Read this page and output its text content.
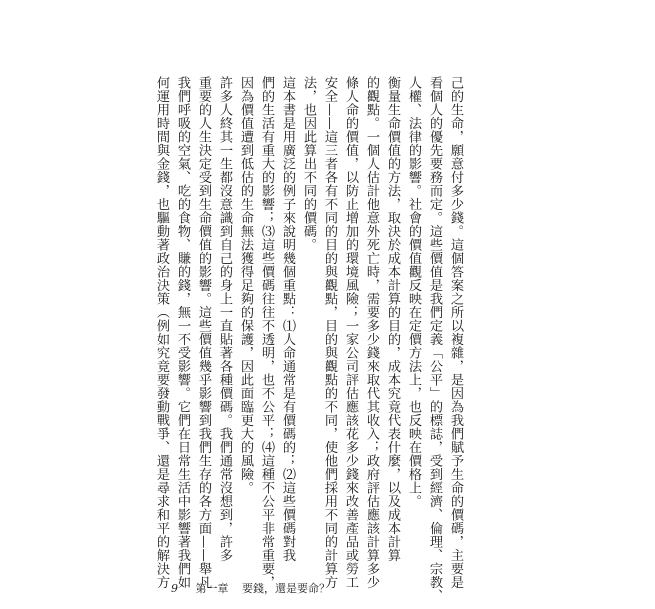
己的生命，願意付多少錢。這個答案之所以複雜，是因為我們賦予生命的價碼，主要是
看個人的優先要務而定。這些價值是我們定義「公平」的標誌，受到經濟、倫理、宗教、
人權、法律的影響。社會的價值觀反映在定價方法上，也反映在價格上。
衡量生命價值的方法，取決於成本計算的目的，成本究竟代表什麼，以及成本計算
的觀點。一個人估計他意外死亡時，需要多少錢來取代其收入；政府評估應該計算多少
條人命的價值，以防止增加的環境風險；一家公司評估應該花多少錢來改善產品或勞工
安全——這三者各有不同的目的與觀點，目的與觀點的不同，使他們採用不同的計算方
法，也因此算出不同的價碼。
這本書是用廣泛的例子來說明幾個重點：⑴人命通常是有價碼的；⑵這些價碼對我
們的生活有重大的影響；⑶這些價碼往往不透明，也不公平；⑷這種不公平非常重要，
因為價值遭到低估的生命無法獲得足夠的保護，因此面臨更大的風險。
許多人終其一生都沒意識到自己的身上一直貼著各種價碼。我們通常沒想到，許多
重要的人生決定受到生命價值的影響。這些價值幾乎影響到我們生存的各方面——舉凡
我們呼吸的空氣、吃的食物、賺的錢，無一不受影響。它們在日常生活中影響著我們如
何運用時間與金錢，也驅動著政治決策（例如究竟要發動戰爭、還是尋求和平的解決方 9 第一章 要錢，還是要命？
